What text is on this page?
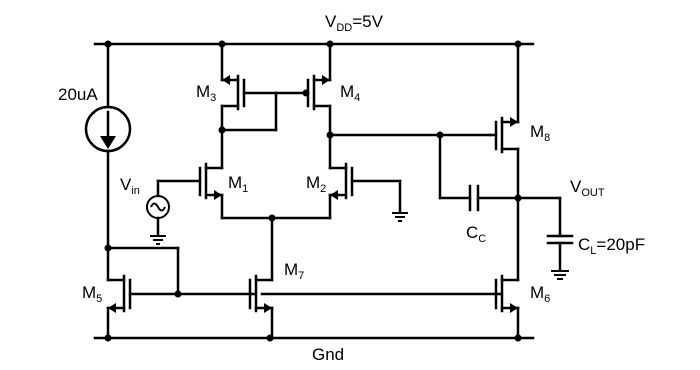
$V_{DD}=5V$
20uA	$M_3$	$M_4$
$M_1$	$M_2$
$M_5$
$M_7$
$M_8$
$M_6$
$V_{in}$	$V_{OUT}$
$C_C$	$C_L=20pF$
Gnd
